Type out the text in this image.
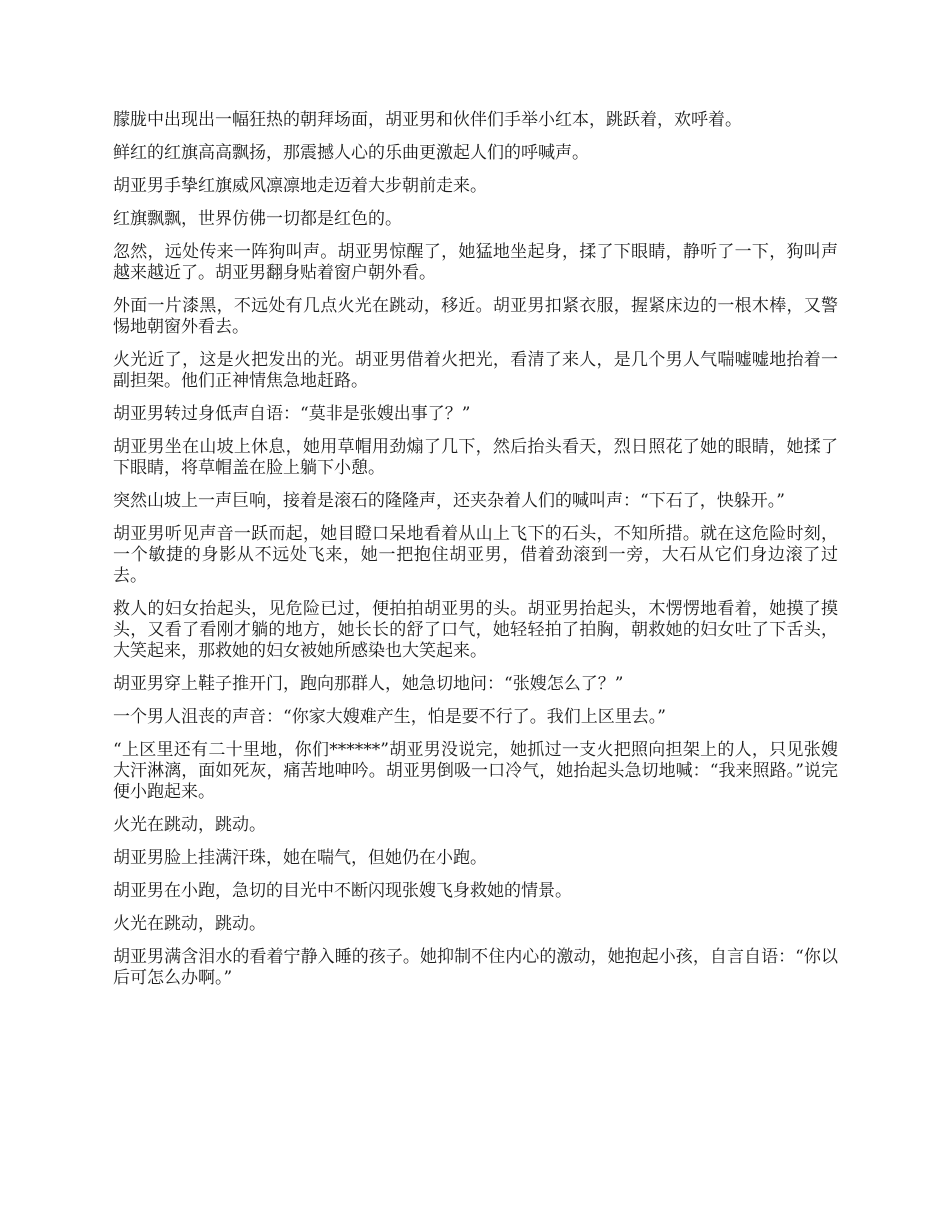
朦胧中出现出一幅狂热的朝拜场面，胡亚男和伙伴们手举小红本，跳跃着，欢呼着。

鲜红的红旗高高飘扬，那震撼人心的乐曲更激起人们的呼喊声。

胡亚男手挚红旗威风凛凛地走迈着大步朝前走来。

红旗飘飘，世界仿佛一切都是红色的。

忽然，远处传来一阵狗叫声。胡亚男惊醒了，她猛地坐起身，揉了下眼睛，静听了一下，狗叫声越来越近了。胡亚男翻身贴着窗户朝外看。

外面一片漆黑，不远处有几点火光在跳动，移近。胡亚男扣紧衣服，握紧床边的一根木棒，又警惕地朝窗外看去。

火光近了，这是火把发出的光。胡亚男借着火把光，看清了来人，是几个男人气喘嘘嘘地抬着一副担架。他们正神情焦急地赶路。

胡亚男转过身低声自语：“莫非是张嫂出事了？”

胡亚男坐在山坡上休息，她用草帽用劲煽了几下，然后抬头看天，烈日照花了她的眼睛，她揉了下眼睛，将草帽盖在脸上躺下小憩。

突然山坡上一声巨响，接着是滚石的隆隆声，还夹杂着人们的喊叫声：“下石了，快躲开。”

胡亚男听见声音一跃而起，她目瞪口呆地看着从山上飞下的石头，不知所措。就在这危险时刻，一个敏捷的身影从不远处飞来，她一把抱住胡亚男，借着劲滚到一旁，大石从它们身边滚了过去。

救人的妇女抬起头，见危险已过，便拍拍胡亚男的头。胡亚男抬起头，木愣愣地看着，她摸了摸头，又看了看刚才躺的地方，她长长的舒了口气，她轻轻拍了拍胸，朝救她的妇女吐了下舌头，大笑起来，那救她的妇女被她所感染也大笑起来。

胡亚男穿上鞋子推开门，跑向那群人，她急切地问：“张嫂怎么了？”

一个男人沮丧的声音：“你家大嫂难产生，怕是要不行了。我们上区里去。”

“上区里还有二十里地，你们******”胡亚男没说完，她抓过一支火把照向担架上的人，只见张嫂大汗淋漓，面如死灰，痛苦地呻吟。胡亚男倒吸一口冷气，她抬起头急切地喊：“我来照路。”说完便小跑起来。

火光在跳动，跳动。

胡亚男脸上挂满汗珠，她在喘气，但她仍在小跑。

胡亚男在小跑，急切的目光中不断闪现张嫂飞身救她的情景。

火光在跳动，跳动。

胡亚男满含泪水的看着宁静入睡的孩子。她抑制不住内心的激动，她抱起小孩，自言自语：“你以后可怎么办啊。”
